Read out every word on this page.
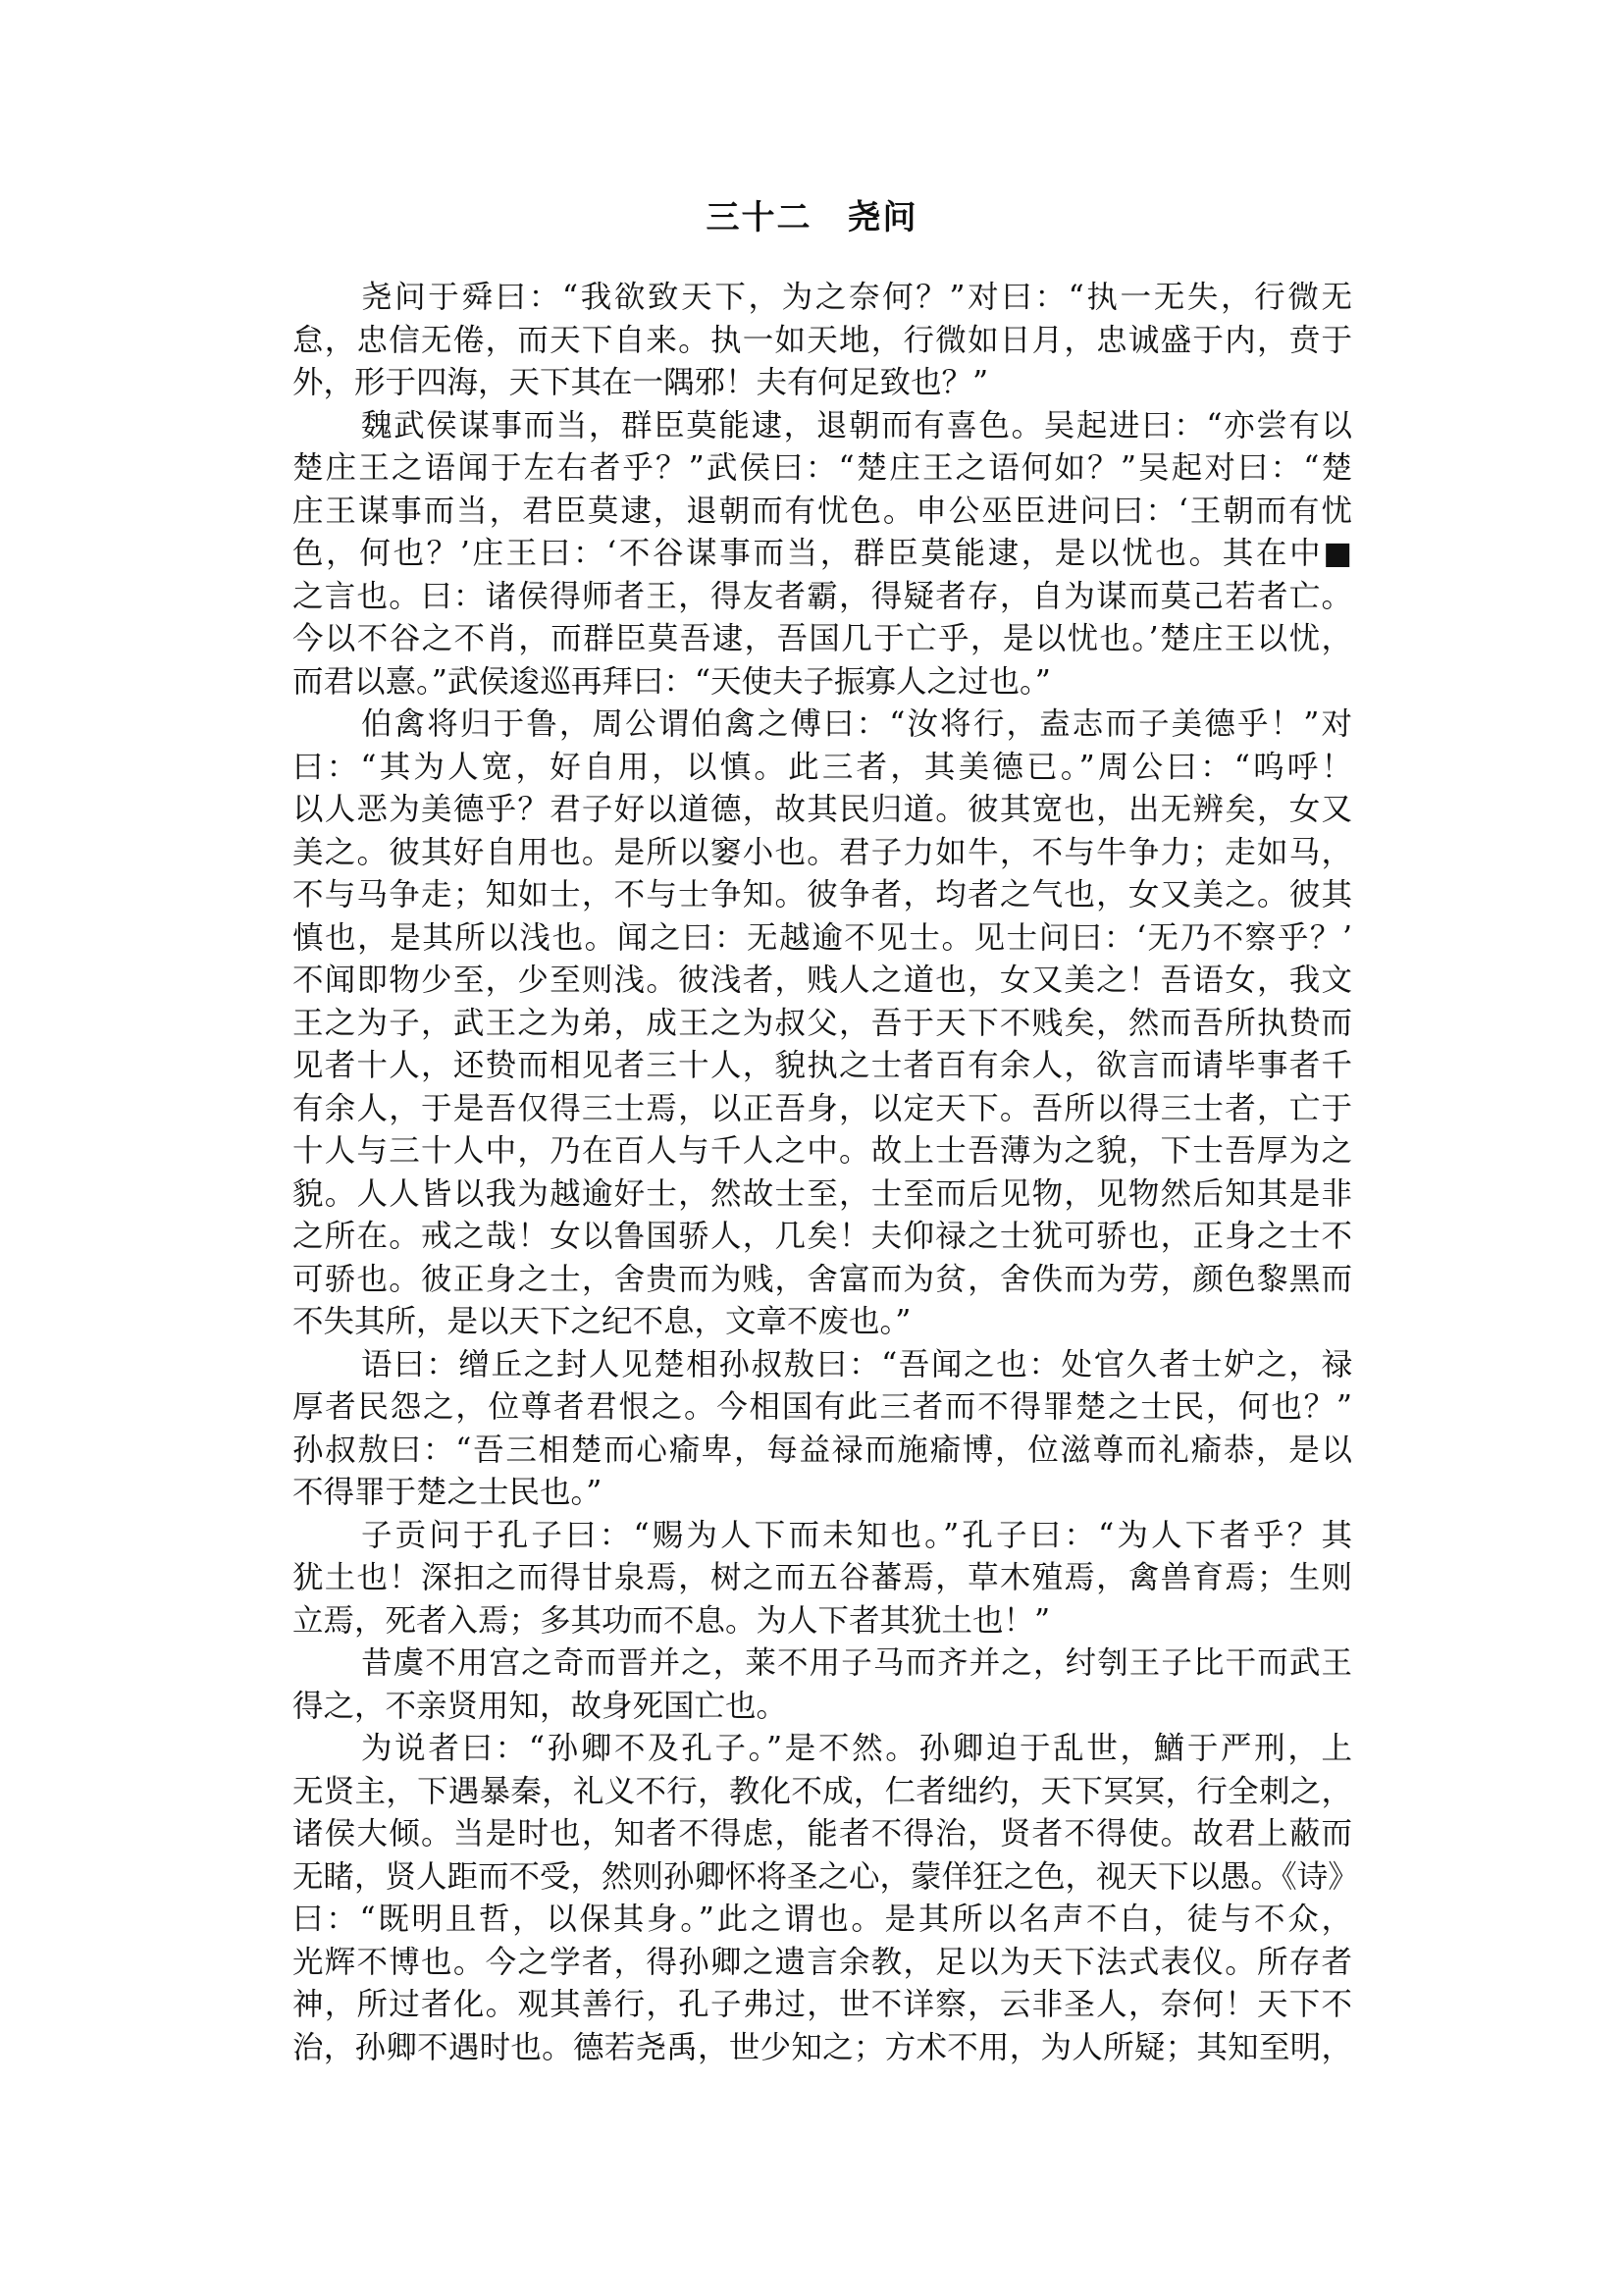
三十二　尧问
尧问于舜曰：“我欲致天下，为之奈何？”对曰：“执一无失，行微无
怠，忠信无倦，而天下自来。执一如天地，行微如日月，忠诚盛于内，贲于
外，形于四海，天下其在一隅邪！夫有何足致也？”
魏武侯谋事而当，群臣莫能逮，退朝而有喜色。吴起进曰：“亦尝有以
楚庄王之语闻于左右者乎？”武侯曰：“楚庄王之语何如？”吴起对曰：“楚
庄王谋事而当，君臣莫逮，退朝而有忧色。申公巫臣进问曰：‘王朝而有忧
色，何也？’庄王曰：‘不谷谋事而当，群臣莫能逮，是以忧也。其在中■
之言也。曰：诸侯得师者王，得友者霸，得疑者存，自为谋而莫己若者亡。
今以不谷之不肖，而群臣莫吾逮，吾国几于亡乎，是以忧也。’楚庄王以忧，
而君以憙。”武侯逡巡再拜曰：“天使夫子振寡人之过也。”
伯禽将归于鲁，周公谓伯禽之傅曰：“汝将行，盍志而子美德乎！”对
曰：“其为人宽，好自用，以慎。此三者，其美德已。”周公曰：“呜呼！
以人恶为美德乎？君子好以道德，故其民归道。彼其宽也，出无辨矣，女又
美之。彼其好自用也。是所以窭小也。君子力如牛，不与牛争力；走如马，
不与马争走；知如士，不与士争知。彼争者，均者之气也，女又美之。彼其
慎也，是其所以浅也。闻之曰：无越逾不见士。见士问曰：‘无乃不察乎？’
不闻即物少至，少至则浅。彼浅者，贱人之道也，女又美之！吾语女，我文
王之为子，武王之为弟，成王之为叔父，吾于天下不贱矣，然而吾所执贽而
见者十人，还贽而相见者三十人，貌执之士者百有余人，欲言而请毕事者千
有余人，于是吾仅得三士焉，以正吾身，以定天下。吾所以得三士者，亡于
十人与三十人中，乃在百人与千人之中。故上士吾薄为之貌，下士吾厚为之
貌。人人皆以我为越逾好士，然故士至，士至而后见物，见物然后知其是非
之所在。戒之哉！女以鲁国骄人，几矣！夫仰禄之士犹可骄也，正身之士不
可骄也。彼正身之士，舍贵而为贱，舍富而为贫，舍佚而为劳，颜色黎黑而
不失其所，是以天下之纪不息，文章不废也。”
语曰：缯丘之封人见楚相孙叔敖曰：“吾闻之也：处官久者士妒之，禄
厚者民怨之，位尊者君恨之。今相国有此三者而不得罪楚之士民，何也？”
孙叔敖曰：“吾三相楚而心瘉卑，每益禄而施瘉博，位滋尊而礼瘉恭，是以
不得罪于楚之士民也。”
子贡问于孔子曰：“赐为人下而未知也。”孔子曰：“为人下者乎？其
犹土也！深抇之而得甘泉焉，树之而五谷蕃焉，草木殖焉，禽兽育焉；生则
立焉，死者入焉；多其功而不息。为人下者其犹土也！”
昔虞不用宫之奇而晋并之，莱不用子马而齐并之，纣刳王子比干而武王
得之，不亲贤用知，故身死国亡也。
为说者曰：“孙卿不及孔子。”是不然。孙卿迫于乱世，鰌于严刑，上
无贤主，下遇暴秦，礼义不行，教化不成，仁者绌约，天下冥冥，行全刺之，
诸侯大倾。当是时也，知者不得虑，能者不得治，贤者不得使。故君上蔽而
无睹，贤人距而不受，然则孙卿怀将圣之心，蒙佯狂之色，视天下以愚。《诗》
曰：“既明且哲，以保其身。”此之谓也。是其所以名声不白，徒与不众，
光辉不博也。今之学者，得孙卿之遗言余教，足以为天下法式表仪。所存者
神，所过者化。观其善行，孔子弗过，世不详察，云非圣人，奈何！天下不
治，孙卿不遇时也。德若尧禹，世少知之；方术不用，为人所疑；其知至明，
